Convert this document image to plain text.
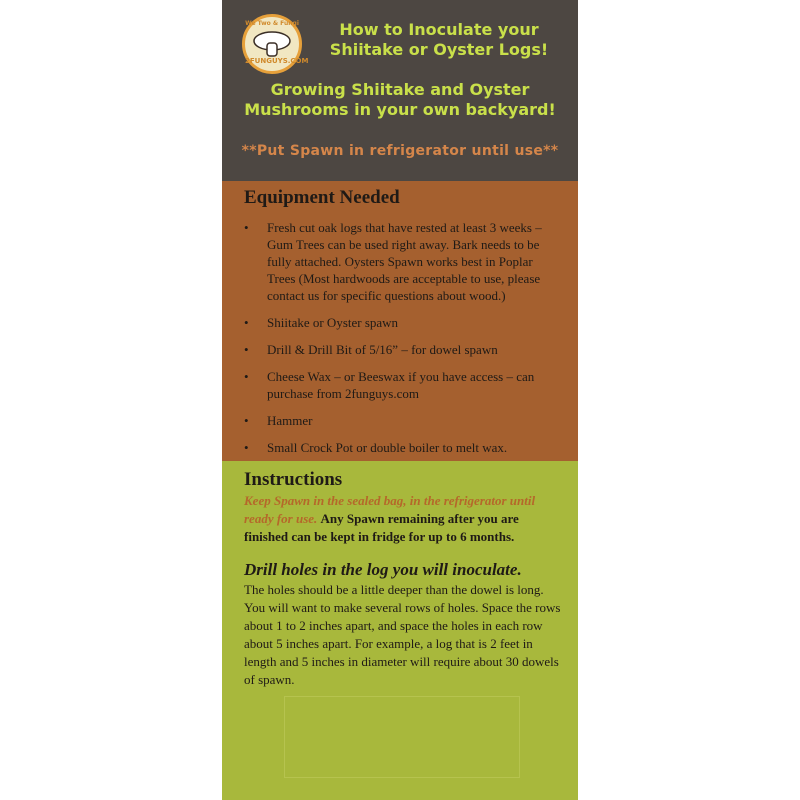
We Two & Fungi
2FUNGUYS.COM
How to Inoculate your
Shiitake or Oyster Logs!
Growing Shiitake and Oyster
Mushrooms in your own backyard!
**Put Spawn in refrigerator until use**
Equipment Needed
• Fresh cut oak logs that have rested at least 3 weeks – Gum Trees can be used right away. Bark needs to be fully attached. Oysters Spawn works best in Poplar Trees (Most hardwoods are acceptable to use, please contact us for specific questions about wood.)
• Shiitake or Oyster spawn
• Drill & Drill Bit of 5/16” – for dowel spawn
• Cheese Wax – or Beeswax if you have access – can purchase from 2funguys.com
• Hammer
• Small Crock Pot or double boiler to melt wax.
Instructions
Keep Spawn in the sealed bag, in the refrigerator until ready for use. Any Spawn remaining after you are finished can be kept in fridge for up to 6 months.
Drill holes in the log you will inoculate.

The holes should be a little deeper than the dowel is long. You will want to make several rows of holes. Space the rows about 1 to 2 inches apart, and space the holes in each row about 5 inches apart. For example, a log that is 2 feet in length and 5 inches in diameter will require about 30 dowels of spawn.
